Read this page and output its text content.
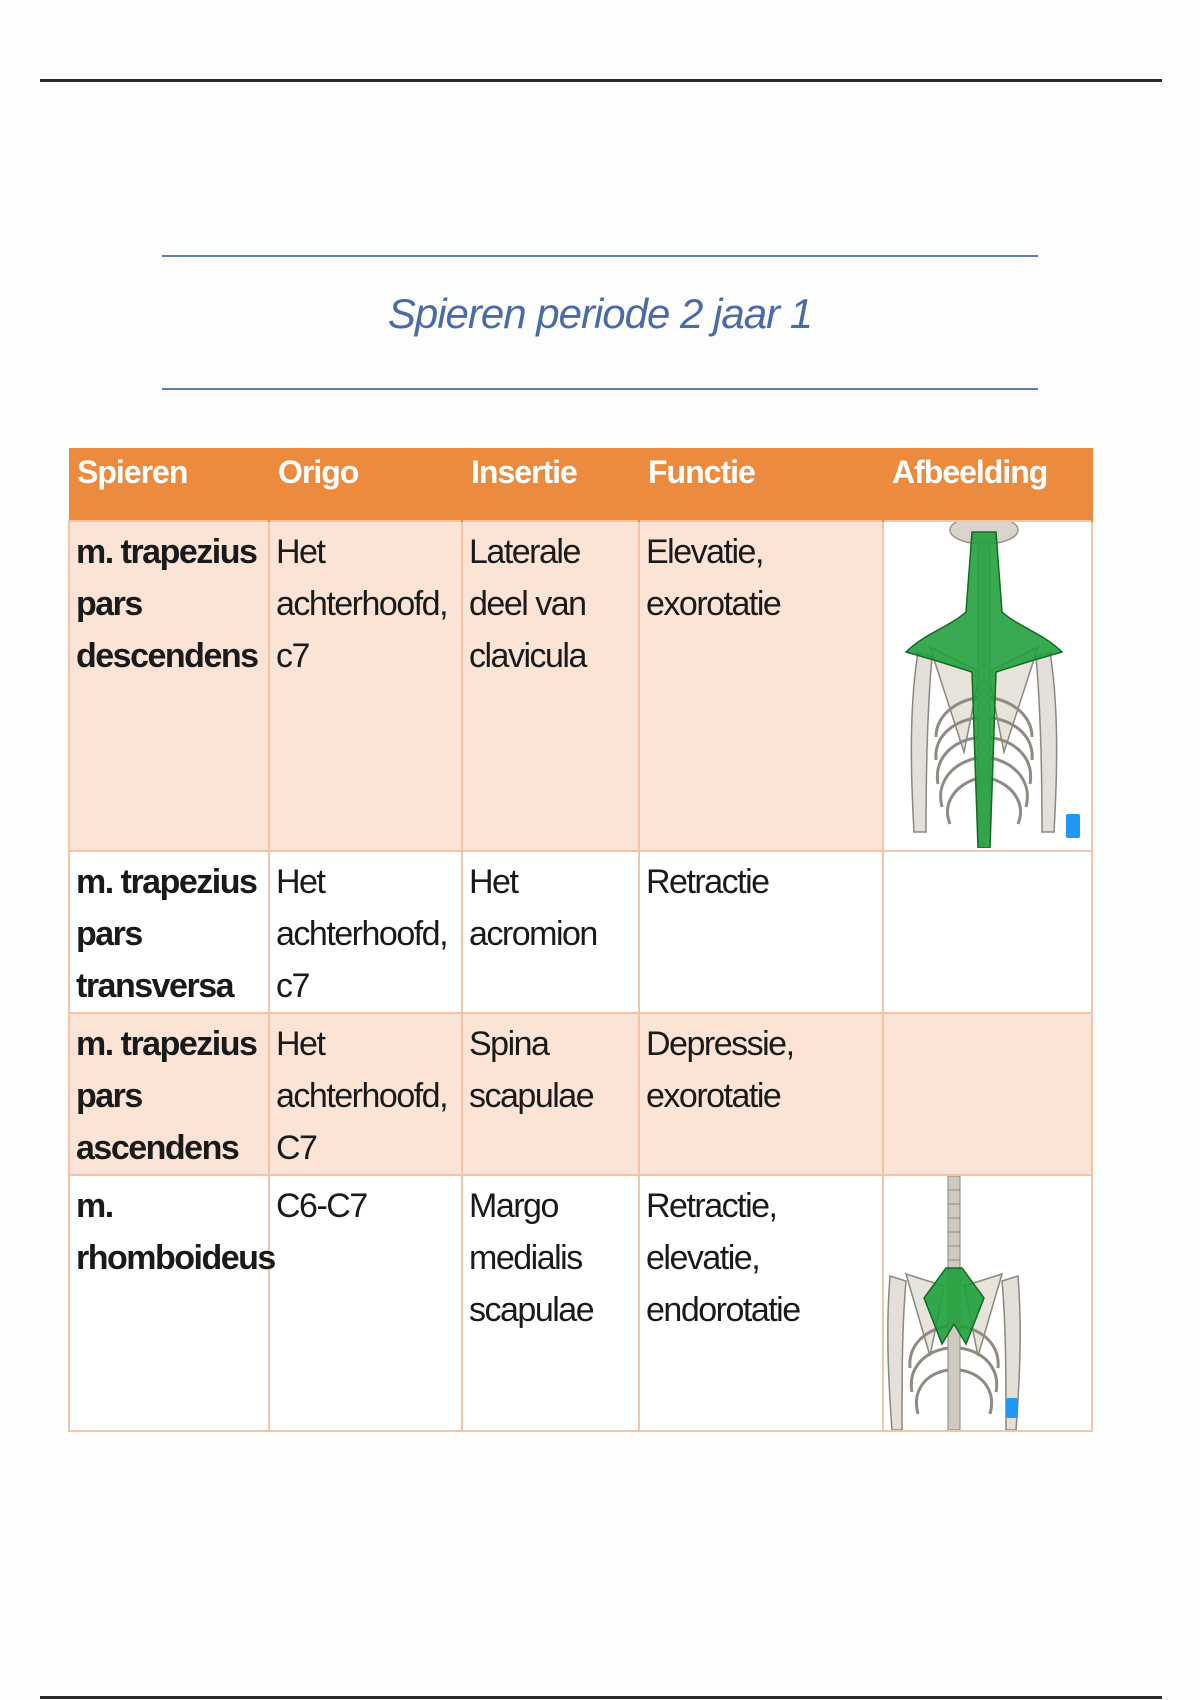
Spieren periode 2 jaar 1
Spieren	Origo	Insertie	Functie	Afbeelding
m. trapezius pars descendens	Het achterhoofd, c7	Laterale deel van clavicula	Elevatie, exorotatie	

m. trapezius pars transversa	Het achterhoofd, c7	Het acromion	Retractie	
m. trapezius pars ascendens	Het achterhoofd, C7	Spina scapulae	Depressie, exorotatie	
m. rhomboideus	C6-C7	Margo medialis scapulae	Retractie, elevatie, endorotatie	
